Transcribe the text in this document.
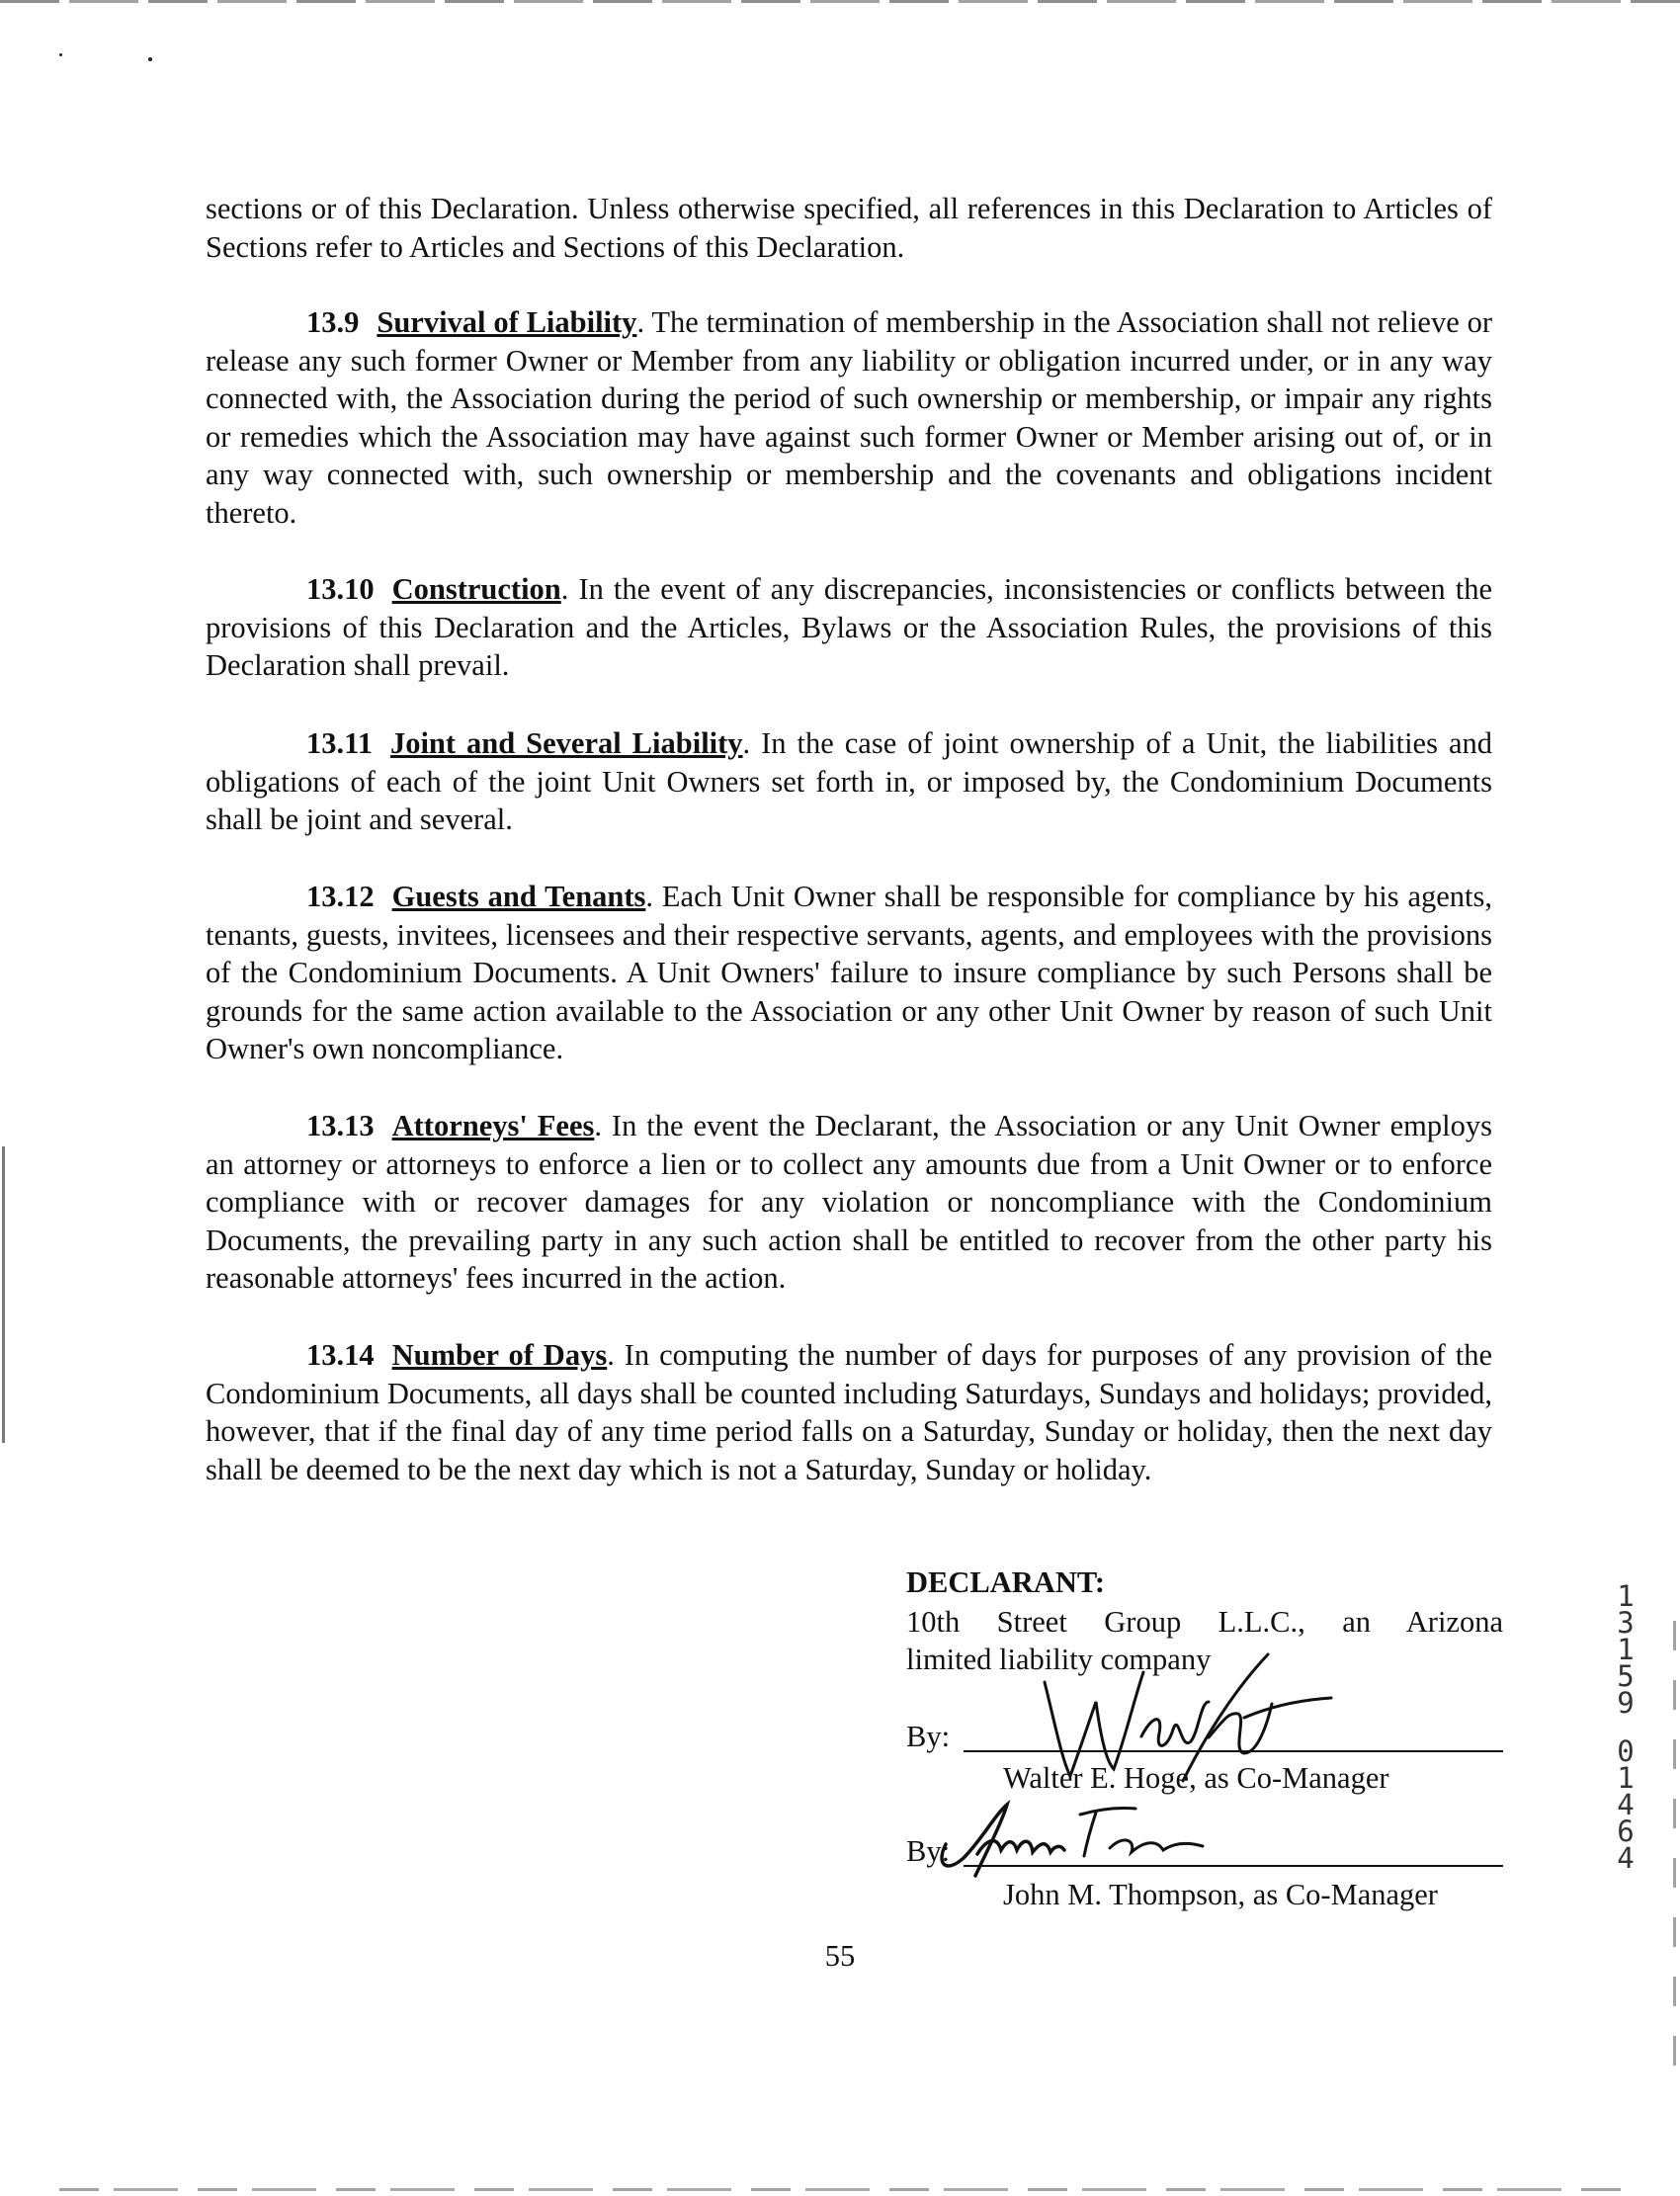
sections or of this Declaration. Unless otherwise specified, all references in this Declaration to Articles of Sections refer to Articles and Sections of this Declaration.

13.9 Survival of Liability. The termination of membership in the Association shall not relieve or release any such former Owner or Member from any liability or obligation incurred under, or in any way connected with, the Association during the period of such ownership or membership, or impair any rights or remedies which the Association may have against such former Owner or Member arising out of, or in any way connected with, such ownership or membership and the covenants and obligations incident thereto.

13.10 Construction. In the event of any discrepancies, inconsistencies or conflicts between the provisions of this Declaration and the Articles, Bylaws or the Association Rules, the provisions of this Declaration shall prevail.

13.11 Joint and Several Liability. In the case of joint ownership of a Unit, the liabilities and obligations of each of the joint Unit Owners set forth in, or imposed by, the Condominium Documents shall be joint and several.

13.12 Guests and Tenants. Each Unit Owner shall be responsible for compliance by his agents, tenants, guests, invitees, licensees and their respective servants, agents, and employees with the provisions of the Condominium Documents. A Unit Owners' failure to insure compliance by such Persons shall be grounds for the same action available to the Association or any other Unit Owner by reason of such Unit Owner's own noncompliance.

13.13 Attorneys' Fees. In the event the Declarant, the Association or any Unit Owner employs an attorney or attorneys to enforce a lien or to collect any amounts due from a Unit Owner or to enforce compliance with or recover damages for any violation or noncompliance with the Condominium Documents, the prevailing party in any such action shall be entitled to recover from the other party his reasonable attorneys' fees incurred in the action.

13.14 Number of Days. In computing the number of days for purposes of any provision of the Condominium Documents, all days shall be counted including Saturdays, Sundays and holidays; provided, however, that if the final day of any time period falls on a Saturday, Sunday or holiday, then the next day shall be deemed to be the next day which is not a Saturday, Sunday or holiday.

DECLARANT:
10th Street Group L.L.C., an Arizona
limited liability company
By:
Walter E. Hoge, as Co-Manager
By:
John M. Thompson, as Co-Manager
55
13159
01464
